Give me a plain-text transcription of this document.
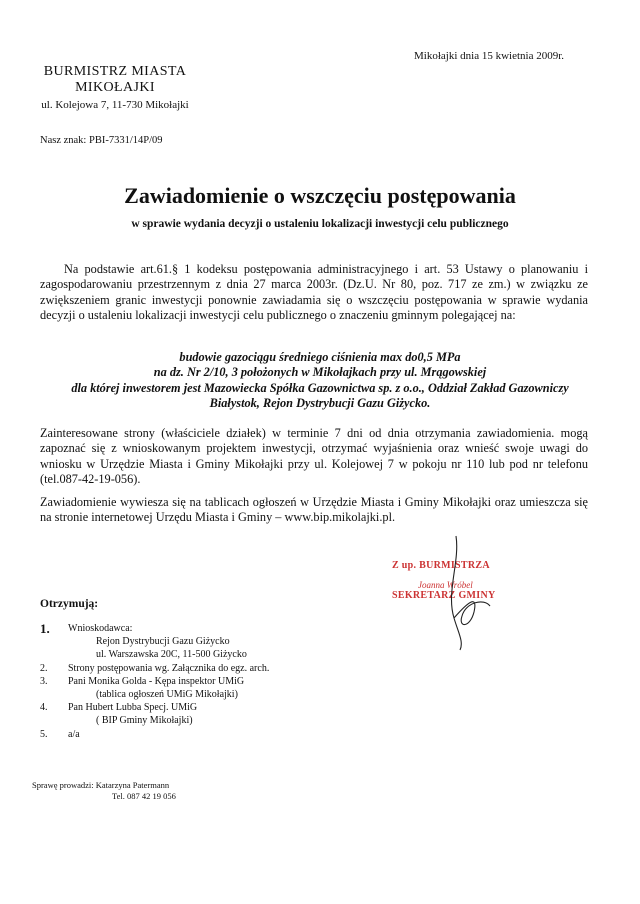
Mikołajki dnia 15 kwietnia 2009r.
BURMISTRZ MIASTA
MIKOŁAJKI
ul. Kolejowa 7, 11-730 Mikołajki
Nasz znak: PBI-7331/14P/09
Zawiadomienie o wszczęciu postępowania
w sprawie wydania decyzji o ustaleniu lokalizacji inwestycji celu publicznego
Na podstawie art.61.§ 1 kodeksu postępowania administracyjnego i art. 53 Ustawy o planowaniu i zagospodarowaniu przestrzennym z dnia 27 marca 2003r. (Dz.U. Nr 80, poz. 717 ze zm.) w związku ze zwiększeniem granic inwestycji ponownie zawiadamia się o wszczęciu postępowania w sprawie wydania decyzji o ustaleniu lokalizacji inwestycji celu publicznego o znaczeniu gminnym polegającej na:
budowie gazociągu średniego ciśnienia max do0,5 MPa
na dz. Nr 2/10, 3 położonych w Mikołajkach przy ul. Mrągowskiej
dla której inwestorem jest Mazowiecka Spółka Gazownictwa sp. z o.o., Oddział Zakład Gazowniczy
Białystok, Rejon Dystrybucji Gazu Giżycko.
Zainteresowane strony (właściciele działek) w terminie 7 dni od dnia otrzymania zawiadomienia. mogą zapoznać się z wnioskowanym projektem inwestycji, otrzymać wyjaśnienia oraz wnieść swoje uwagi do wniosku w Urzędzie Miasta i Gminy Mikołajki przy ul. Kolejowej 7 w pokoju nr 110 lub pod nr telefonu (tel.087-42-19-056).
Zawiadomienie wywiesza się na tablicach ogłoszeń w Urzędzie Miasta i Gminy Mikołajki oraz umieszcza się na stronie internetowej Urzędu Miasta i Gminy – www.bip.mikolajki.pl.
Z up. BURMISTRZA
Joanna Wróbel
SEKRETARZ GMINY
Otrzymują:
1.	Wnioskodawca:
Rejon Dystrybucji Gazu Giżycko
ul. Warszawska 20C, 11-500 Giżycko
2.	Strony postępowania wg. Załącznika do egz. arch.
3.	Pani Monika Golda - Kępa inspektor UMiG
(tablica ogłoszeń UMiG Mikołajki)
4.	Pan Hubert Lubba Specj. UMiG
( BIP Gminy Mikołajki)
5.	a/a
Sprawę prowadzi: Katarzyna Patermann
Tel. 087 42 19 056
